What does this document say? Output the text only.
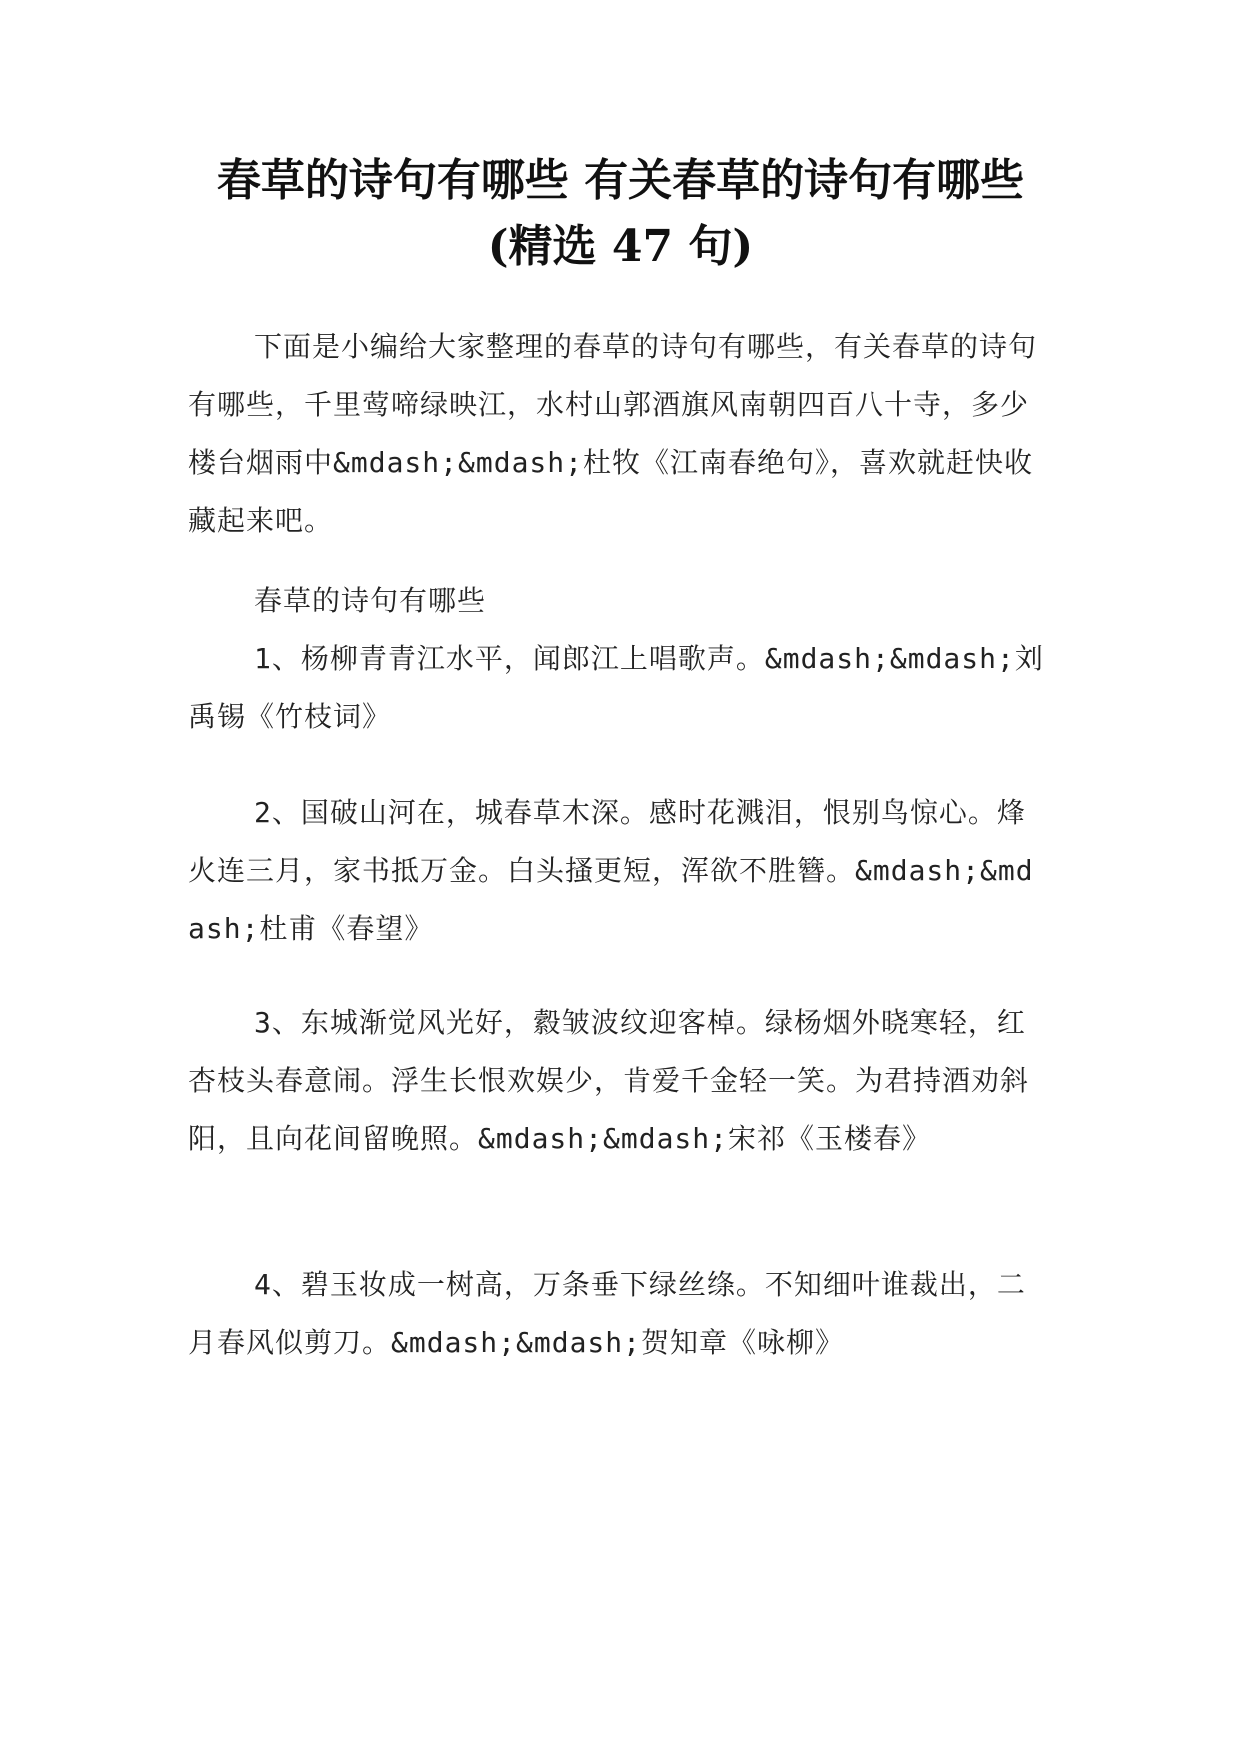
春草的诗句有哪些 有关春草的诗句有哪些
(精选 47 句)

下面是小编给大家整理的春草的诗句有哪些，有关春草的诗句有哪些，千里莺啼绿映江，水村山郭酒旗风南朝四百八十寺，多少楼台烟雨中&mdash;&mdash;杜牧《江南春绝句》，喜欢就赶快收藏起来吧。

春草的诗句有哪些

1、杨柳青青江水平，闻郎江上唱歌声。&mdash;&mdash;刘禹锡《竹枝词》

2、国破山河在，城春草木深。感时花溅泪，恨别鸟惊心。烽火连三月，家书抵万金。白头搔更短，浑欲不胜簪。&mdash;&mdash;杜甫《春望》

3、东城渐觉风光好，縠皱波纹迎客棹。绿杨烟外晓寒轻，红杏枝头春意闹。浮生长恨欢娱少，肯爱千金轻一笑。为君持酒劝斜阳，且向花间留晚照。&mdash;&mdash;宋祁《玉楼春》

4、碧玉妆成一树高，万条垂下绿丝绦。不知细叶谁裁出，二月春风似剪刀。&mdash;&mdash;贺知章《咏柳》
